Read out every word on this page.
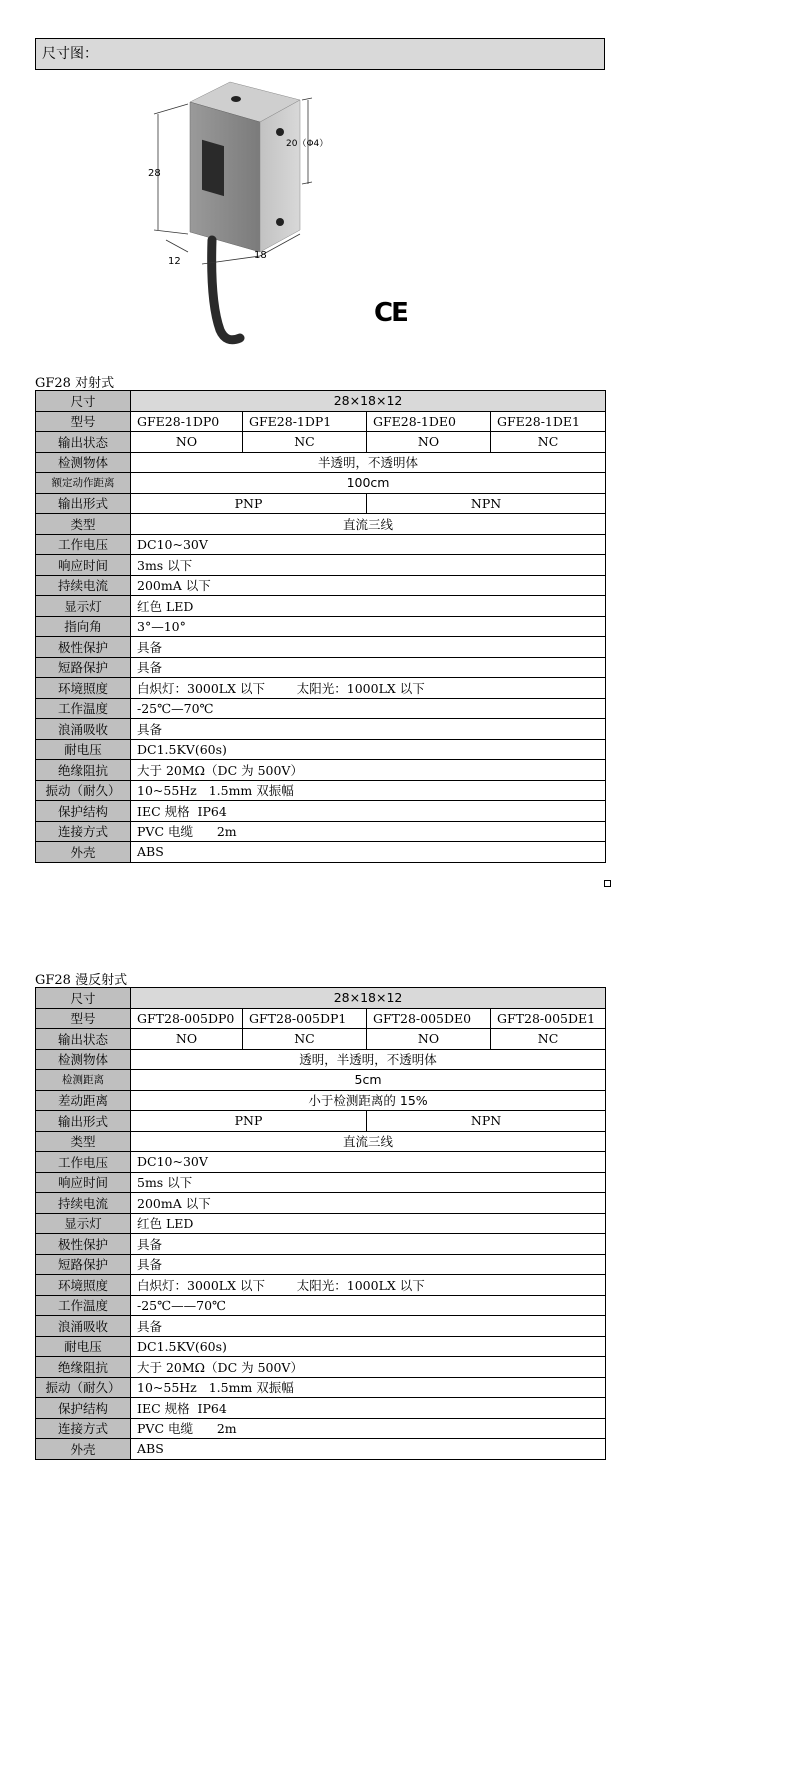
尺寸图：
28
20（Φ4）
12
18
CE
GF28 对射式
尺寸	28×18×12			
型号	GFE28-1DP0	GFE28-1DP1	GFE28-1DE0	GFE28-1DE1
输出状态	NO	NC	NO	NC
检测物体	半透明，不透明体			
额定动作距离	100cm			
输出形式	PNP		NPN	
类型	直流三线			
工作电压	DC10~30V			
响应时间	3ms 以下			
持续电流	200mA 以下			
显示灯	红色 LED			
指向角	3°—10°			
极性保护	具备			
短路保护	具备			
环境照度	白炽灯：3000LX 以下        太阳光：1000LX 以下			
工作温度	-25℃—70℃			
浪涌吸收	具备			
耐电压	DC1.5KV(60s)			
绝缘阻抗	大于 20MΩ（DC 为 500V）			
振动（耐久）	10~55Hz   1.5mm 双振幅			
保护结构	IEC 规格  IP64			
连接方式	PVC 电缆      2m			
外壳	ABS			
GF28 漫反射式
尺寸	28×18×12			
型号	GFT28-005DP0	GFT28-005DP1	GFT28-005DE0	GFT28-005DE1
输出状态	NO	NC	NO	NC
检测物体	透明，半透明，不透明体			
检测距离	5cm			
差动距离	小于检测距离的 15%			
输出形式	PNP		NPN	
类型	直流三线			
工作电压	DC10~30V			
响应时间	5ms 以下			
持续电流	200mA 以下			
显示灯	红色 LED			
极性保护	具备			
短路保护	具备			
环境照度	白炽灯：3000LX 以下        太阳光：1000LX 以下			
工作温度	-25℃——70℃			
浪涌吸收	具备			
耐电压	DC1.5KV(60s)			
绝缘阻抗	大于 20MΩ（DC 为 500V）			
振动（耐久）	10~55Hz   1.5mm 双振幅			
保护结构	IEC 规格  IP64			
连接方式	PVC 电缆      2m			
外壳	ABS			
